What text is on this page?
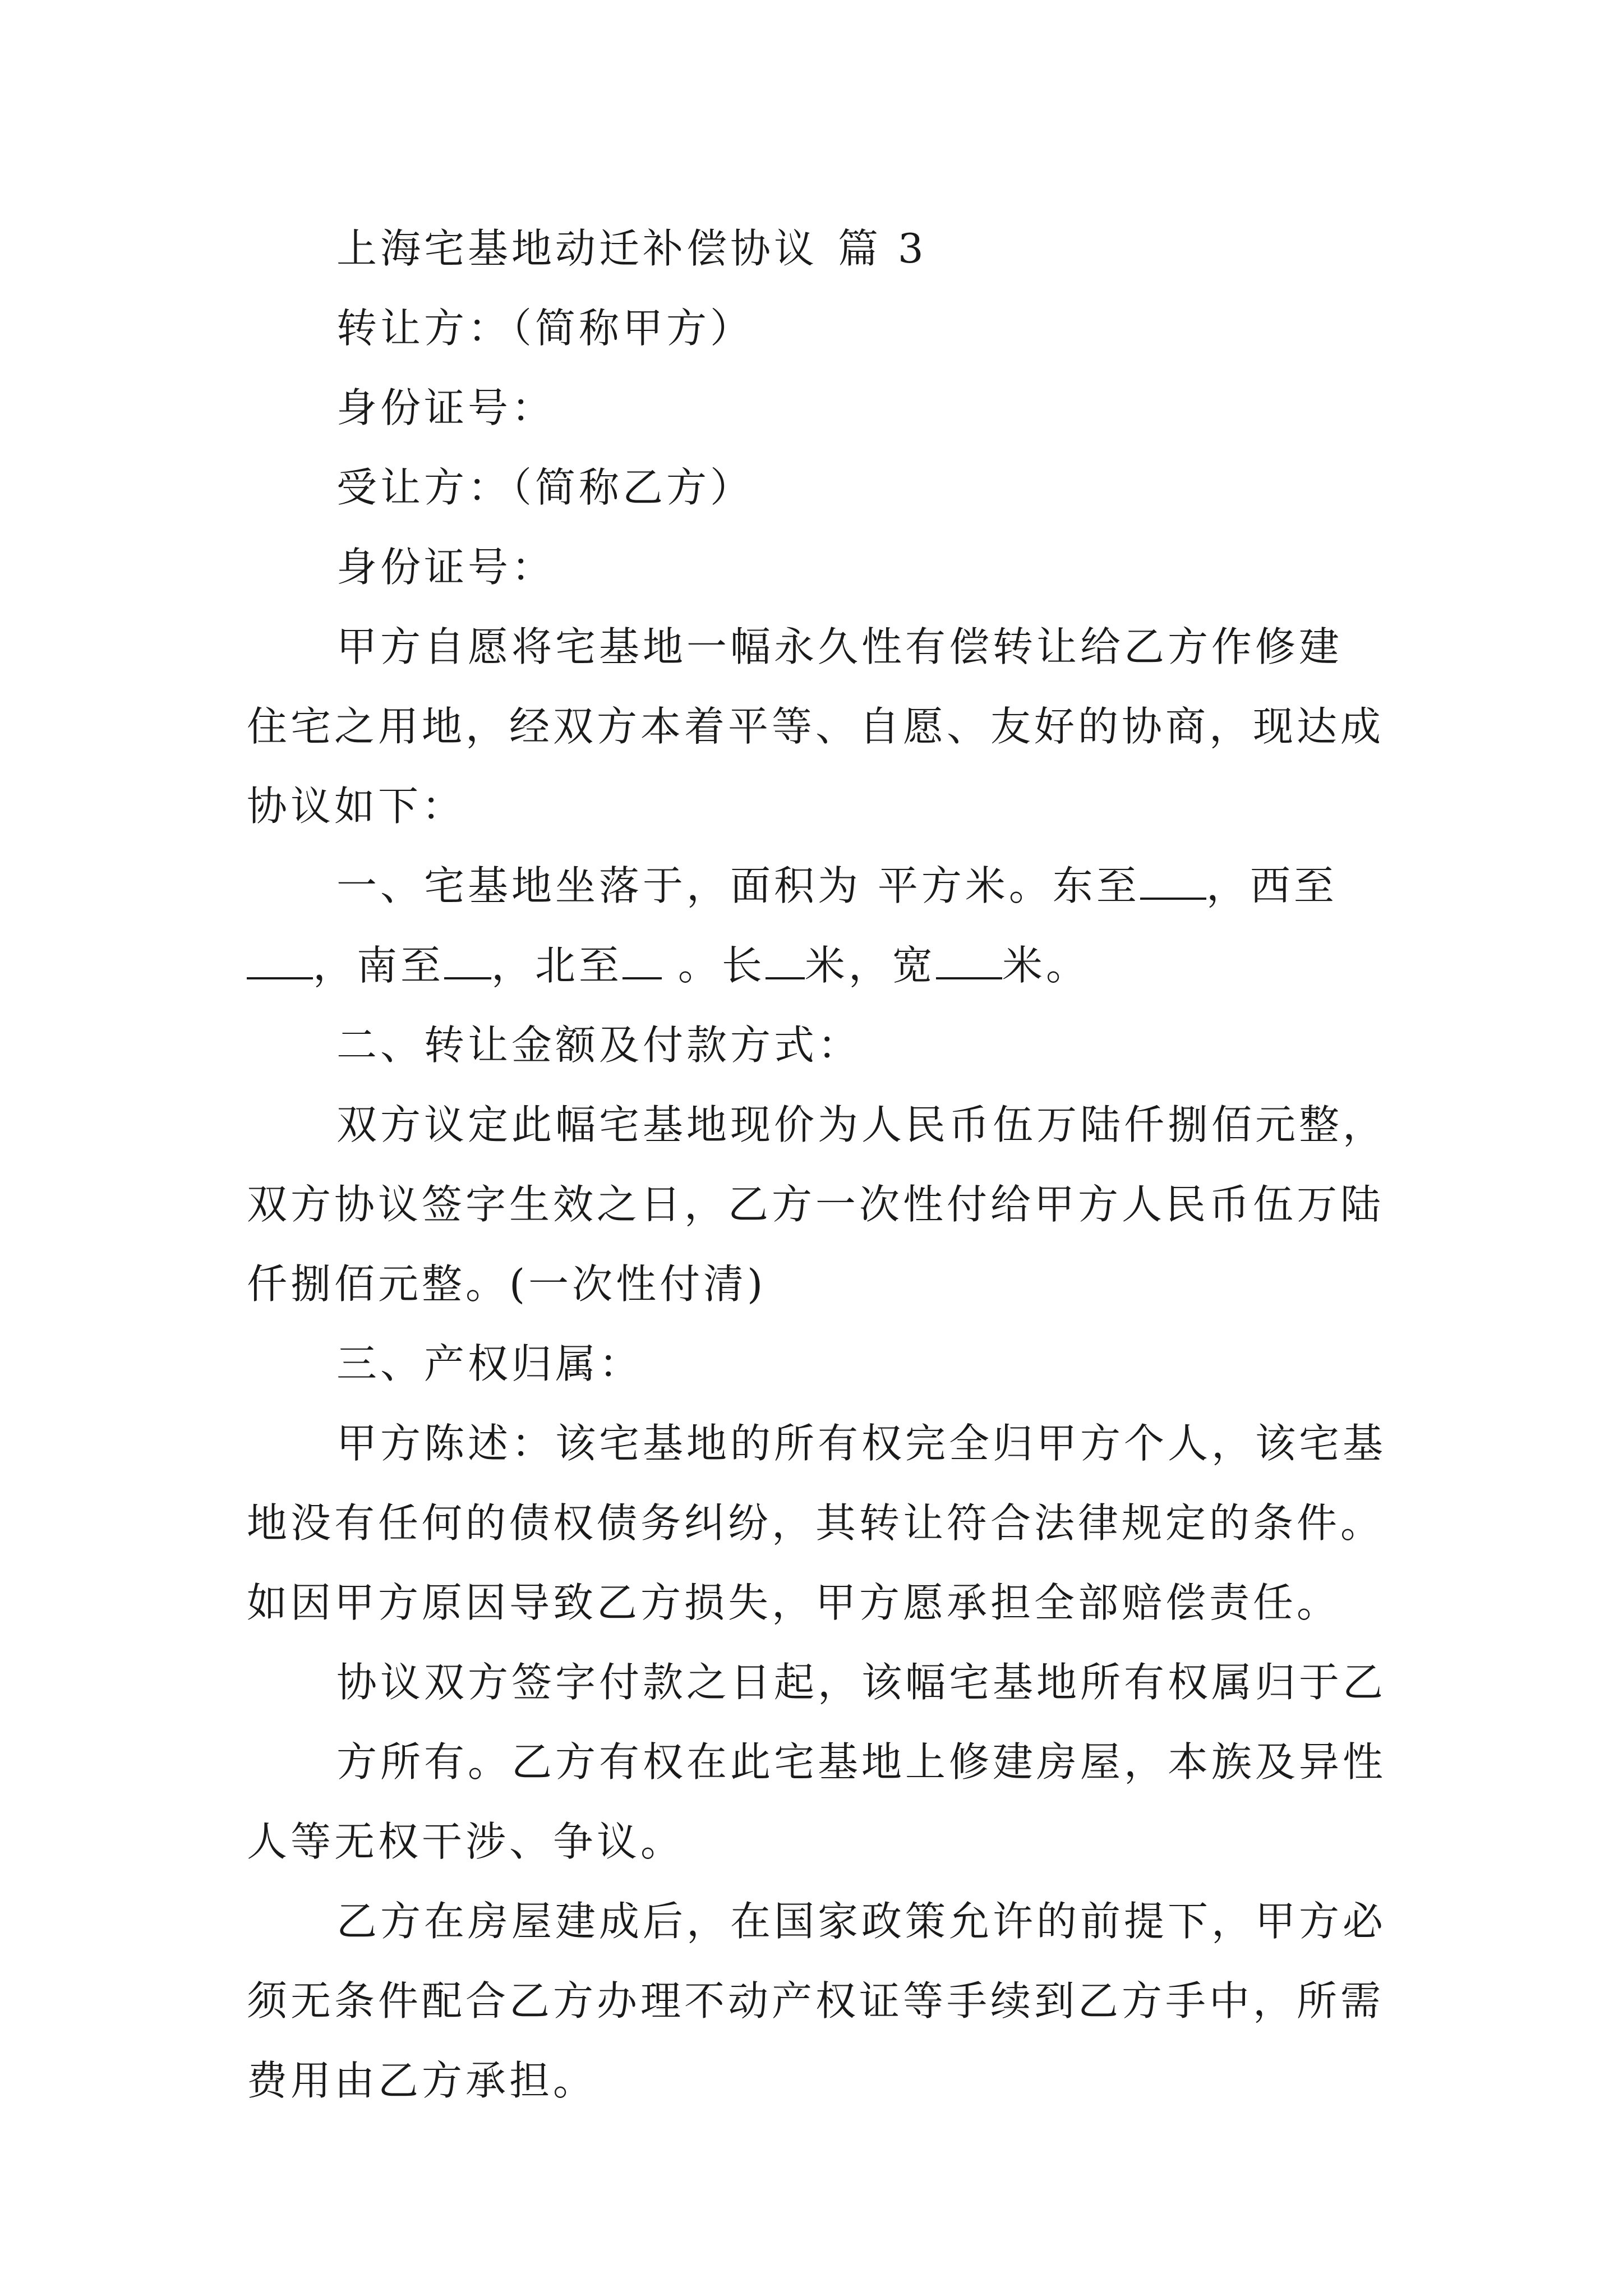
上海宅基地动迁补偿协议 篇 3
转让方：（简称甲方）
身份证号：
受让方：（简称乙方）
身份证号：
甲方自愿将宅基地一幅永久性有偿转让给乙方作修建
住宅之用地，经双方本着平等、自愿、友好的协商，现达成
协议如下：
一、宅基地坐落于，面积为 平方米。东至 ，西至
，南至 ，北至 。长 米，宽 米。
二、转让金额及付款方式：
双方议定此幅宅基地现价为人民币伍万陆仟捌佰元整，
双方协议签字生效之日，乙方一次性付给甲方人民币伍万陆
仟捌佰元整。(一次性付清)
三、产权归属：
甲方陈述：该宅基地的所有权完全归甲方个人，该宅基
地没有任何的债权债务纠纷，其转让符合法律规定的条件。
如因甲方原因导致乙方损失，甲方愿承担全部赔偿责任。
协议双方签字付款之日起，该幅宅基地所有权属归于乙
方所有。乙方有权在此宅基地上修建房屋，本族及异性
人等无权干涉、争议。
乙方在房屋建成后，在国家政策允许的前提下，甲方必
须无条件配合乙方办理不动产权证等手续到乙方手中，所需
费用由乙方承担。
